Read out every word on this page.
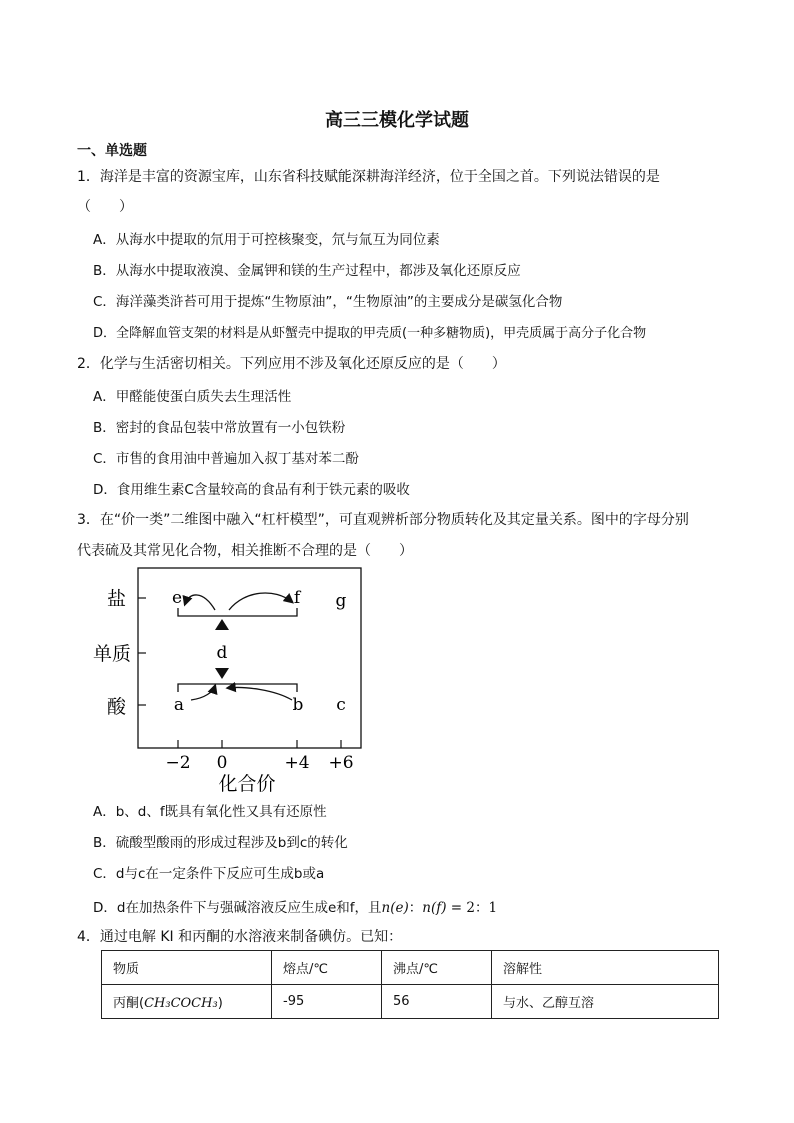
高三三模化学试题
一、单选题
1．海洋是丰富的资源宝库，山东省科技赋能深耕海洋经济，位于全国之首。下列说法错误的是
（　　）
A．从海水中提取的氘用于可控核聚变，氘与氚互为同位素
B．从海水中提取液溴、金属钾和镁的生产过程中，都涉及氧化还原反应
C．海洋藻类浒苔可用于提炼“生物原油”，“生物原油”的主要成分是碳氢化合物
D．全降解血管支架的材料是从虾蟹壳中提取的甲壳质(一种多糖物质)，甲壳质属于高分子化合物
2．化学与生活密切相关。下列应用不涉及氧化还原反应的是（　　）
A．甲醛能使蛋白质失去生理活性
B．密封的食品包装中常放置有一小包铁粉
C．市售的食用油中普遍加入叔丁基对苯二酚
D．食用维生素C含量较高的食品有利于铁元素的吸收
3．在“价一类”二维图中融入“杠杆模型”，可直观辨析部分物质转化及其定量关系。图中的字母分别
代表硫及其常见化合物，相关推断不合理的是（　　）
盐
单质
酸
−2 0	+4 +6
化合价
e	f g
d
a	b c
A．b、d、f既具有氧化性又具有还原性
B．硫酸型酸雨的形成过程涉及b到c的转化
C．d与c在一定条件下反应可生成b或a
D．d在加热条件下与强碱溶液反应生成e和f，且n(e)：n(f) = 2：1
4．通过电解 KI 和丙酮的水溶液来制备碘仿。已知：
物质	熔点/℃	沸点/℃	溶解性
丙酮(CH₃COCH₃)	-95	56	与水、乙醇互溶
